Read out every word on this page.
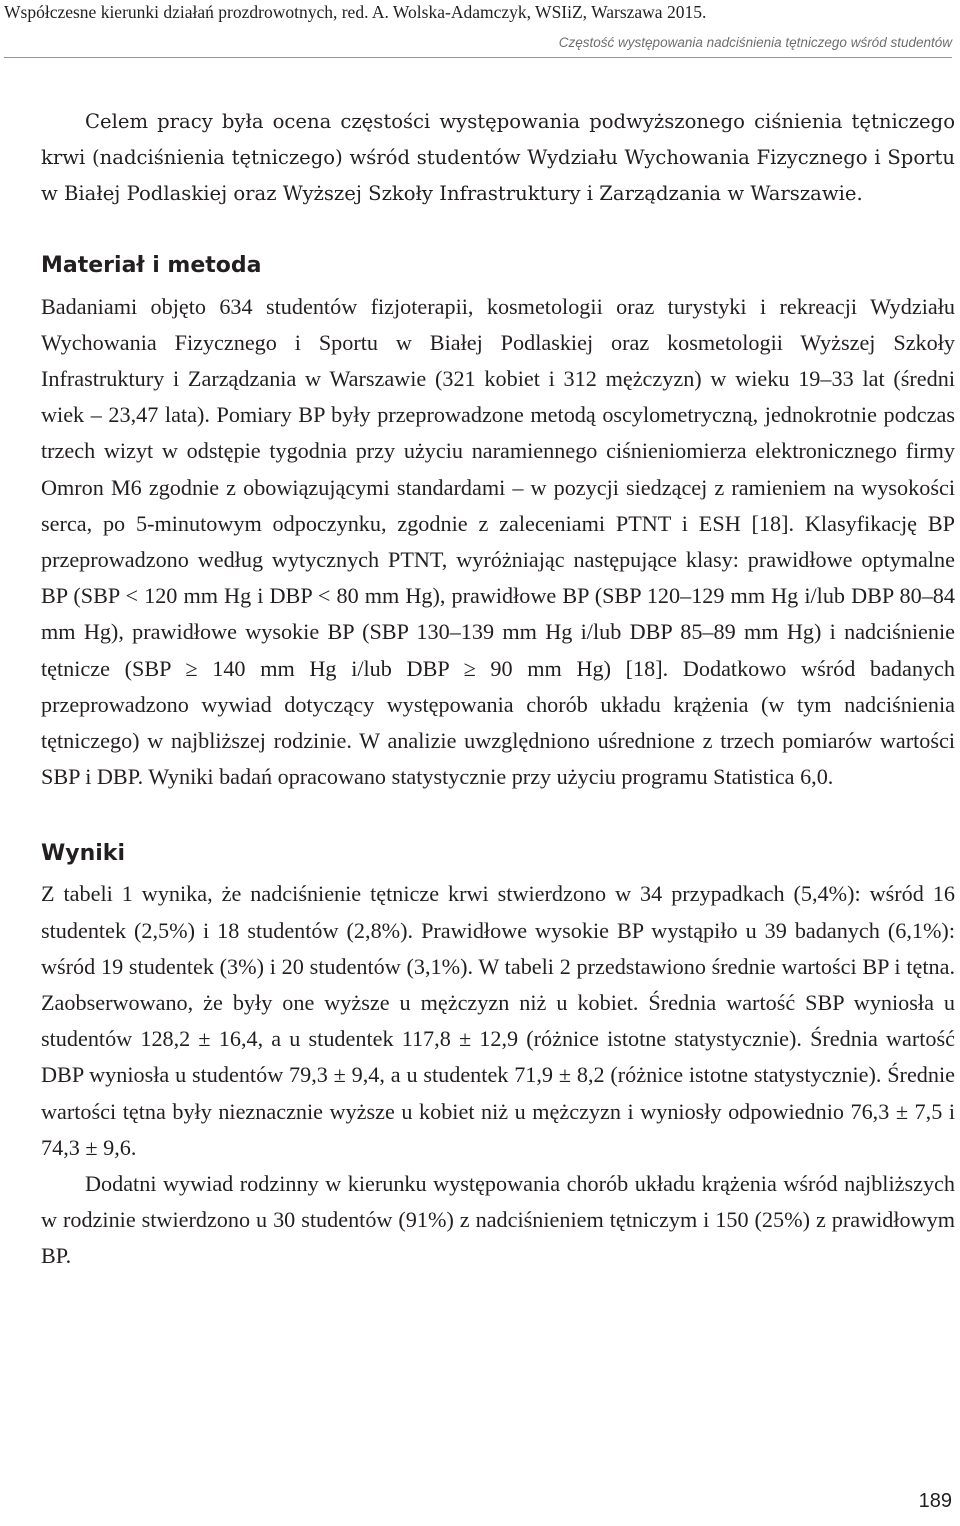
Współczesne kierunki działań prozdrowotnych, red. A. Wolska-Adamczyk, WSIiZ, Warszawa 2015.
Częstość występowania nadciśnienia tętniczego wśród studentów

Celem pracy była ocena częstości występowania podwyższonego ciśnienia tętniczego krwi (nadciśnienia tętniczego) wśród studentów Wydziału Wychowania Fizycznego i Sportu w Białej Podlaskiej oraz Wyższej Szkoły Infrastruktury i Zarządzania w Warszawie.

Materiał i metoda

Badaniami objęto 634 studentów fizjoterapii, kosmetologii oraz turystyki i rekreacji Wydziału Wychowania Fizycznego i Sportu w Białej Podlaskiej oraz kosmetologii Wyższej Szkoły Infrastruktury i Zarządzania w Warszawie (321 kobiet i 312 mężczyzn) w wieku 19–33 lat (średni wiek – 23,47 lata). Pomiary BP były przeprowadzone metodą oscylometryczną, jednokrotnie podczas trzech wizyt w odstępie tygodnia przy użyciu naramiennego ciśnieniomierza elektronicznego firmy Omron M6 zgodnie z obowiązującymi standardami – w pozycji siedzącej z ramieniem na wysokości serca, po 5-minutowym odpoczynku, zgodnie z zaleceniami PTNT i ESH [18]. Klasyfikację BP przeprowadzono według wytycznych PTNT, wyróżniając następujące klasy: prawidłowe optymalne BP (SBP < 120 mm Hg i DBP < 80 mm Hg), prawidłowe BP (SBP 120–129 mm Hg i/lub DBP 80–84 mm Hg), prawidłowe wysokie BP (SBP 130–139 mm Hg i/lub DBP 85–89 mm Hg) i nadciśnienie tętnicze (SBP ≥ 140 mm Hg i/lub DBP ≥ 90 mm Hg) [18]. Dodatkowo wśród badanych przeprowadzono wywiad dotyczący występowania chorób układu krążenia (w tym nadciśnienia tętniczego) w najbliższej rodzinie. W analizie uwzględniono uśrednione z trzech pomiarów wartości SBP i DBP. Wyniki badań opracowano statystycznie przy użyciu programu Statistica 6,0.

Wyniki

Z tabeli 1 wynika, że nadciśnienie tętnicze krwi stwierdzono w 34 przypadkach (5,4%): wśród 16 studentek (2,5%) i 18 studentów (2,8%). Prawidłowe wysokie BP wystąpiło u 39 badanych (6,1%): wśród 19 studentek (3%) i 20 studentów (3,1%). W tabeli 2 przedstawiono średnie wartości BP i tętna. Zaobserwowano, że były one wyższe u mężczyzn niż u kobiet. Średnia wartość SBP wyniosła u studentów 128,2 ± 16,4, a u studentek 117,8 ± 12,9 (różnice istotne statystycznie). Średnia wartość DBP wyniosła u studentów 79,3 ± 9,4, a u studentek 71,9 ± 8,2 (różnice istotne statystycznie). Średnie wartości tętna były nieznacznie wyższe u kobiet niż u mężczyzn i wyniosły odpowiednio 76,3 ± 7,5 i 74,3 ± 9,6.

Dodatni wywiad rodzinny w kierunku występowania chorób układu krążenia wśród najbliższych w rodzinie stwierdzono u 30 studentów (91%) z nadciśnieniem tętniczym i 150 (25%) z prawidłowym BP.

189
